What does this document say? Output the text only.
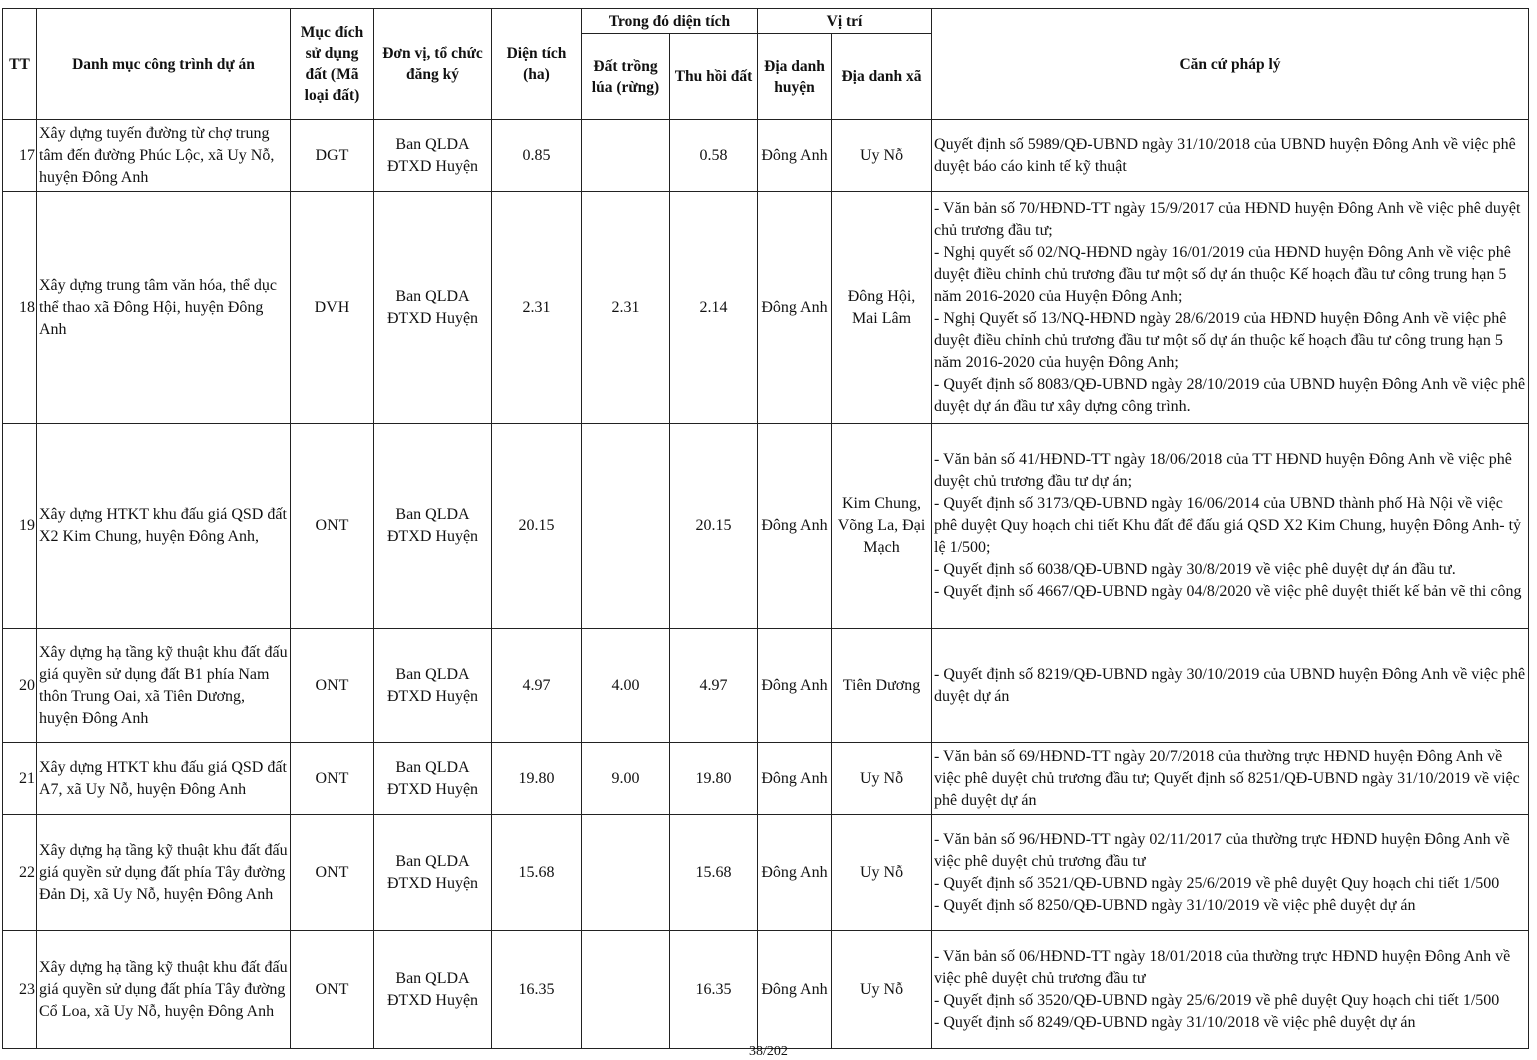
TT	Danh mục công trình dự án	Mục đích sử dụng đất (Mã loại đất)	Đơn vị, tổ chức đăng ký	Diện tích (ha)	Trong đó diện tích		Vị trí		Căn cứ pháp lý
					Đất trồng lúa (rừng)	Thu hồi đất	Địa danh huyện	Địa danh xã	
17	Xây dựng tuyến đường từ chợ trung tâm đến đường Phúc Lộc, xã Uy Nỗ, huyện Đông Anh	DGT	Ban QLDA ĐTXD Huyện	0.85		0.58	Đông Anh	Uy Nỗ	Quyết định số 5989/QĐ-UBND ngày 31/10/2018 của UBND huyện Đông Anh về việc phê duyệt báo cáo kinh tế kỹ thuật

18	Xây dựng trung tâm văn hóa, thể dục thể thao xã Đông Hội, huyện Đông Anh	DVH	Ban QLDA ĐTXD Huyện	2.31	2.31	2.14	Đông Anh	Đông Hội, Mai Lâm	- Văn bản số 70/HĐND-TT ngày 15/9/2017 của HĐND huyện Đông Anh về việc phê duyệt chủ trương đầu tư;
- Nghị quyết số 02/NQ-HĐND ngày 16/01/2019 của HĐND huyện Đông Anh về việc phê duyệt điều chỉnh chủ trương đầu tư một số dự án thuộc Kế hoạch đầu tư công trung hạn 5 năm 2016-2020 của Huyện Đông Anh;
- Nghị Quyết số 13/NQ-HĐND ngày 28/6/2019 của HĐND huyện Đông Anh về việc phê duyệt điều chỉnh chủ trương đầu tư một số dự án thuộc kế hoạch đầu tư công trung hạn 5 năm 2016-2020 của huyện Đông Anh;
- Quyết định số 8083/QĐ-UBND ngày 28/10/2019 của UBND huyện Đông Anh về việc phê duyệt dự án đầu tư xây dựng công trình.

19	Xây dựng HTKT khu đấu giá QSD đất X2 Kim Chung, huyện Đông Anh,	ONT	Ban QLDA ĐTXD Huyện	20.15		20.15	Đông Anh	Kim Chung, Võng La, Đại Mạch	- Văn bản số 41/HĐND-TT ngày 18/06/2018 của TT HĐND huyện Đông Anh về việc phê duyệt chủ trương đầu tư dự án;
- Quyết định số 3173/QĐ-UBND ngày 16/06/2014 của UBND thành phố Hà Nội về việc phê duyệt Quy hoạch chi tiết Khu đất để đấu giá QSD X2 Kim Chung, huyện Đông Anh- tỷ lệ 1/500;
- Quyết định số 6038/QĐ-UBND ngày 30/8/2019 về việc phê duyệt dự án đầu tư.
- Quyết định số 4667/QĐ-UBND ngày 04/8/2020 về việc phê duyệt thiết kế bản vẽ thi công

20	Xây dựng hạ tầng kỹ thuật khu đất đấu giá quyền sử dụng đất B1 phía Nam thôn Trung Oai, xã Tiên Dương, huyện Đông Anh	ONT	Ban QLDA ĐTXD Huyện	4.97	4.00	4.97	Đông Anh	Tiên Dương	- Quyết định số 8219/QĐ-UBND ngày 30/10/2019 của UBND huyện Đông Anh về việc phê duyệt dự án

21	Xây dựng HTKT khu đấu giá QSD đất A7, xã Uy Nỗ, huyện Đông Anh	ONT	Ban QLDA ĐTXD Huyện	19.80	9.00	19.80	Đông Anh	Uy Nỗ	- Văn bản số 69/HĐND-TT ngày 20/7/2018 của thường trực HĐND huyện Đông Anh về việc phê duyệt chủ trương đầu tư; Quyết định số 8251/QĐ-UBND ngày 31/10/2019 về việc phê duyệt dự án

22	Xây dựng hạ tầng kỹ thuật khu đất đấu giá quyền sử dụng đất phía Tây đường Đản Dị, xã Uy Nỗ, huyện Đông Anh	ONT	Ban QLDA ĐTXD Huyện	15.68		15.68	Đông Anh	Uy Nỗ	- Văn bản số 96/HĐND-TT ngày 02/11/2017 của thường trực HĐND huyện Đông Anh về việc phê duyệt chủ trương đầu tư
- Quyết định số 3521/QĐ-UBND ngày 25/6/2019 về phê duyệt Quy hoạch chi tiết 1/500
- Quyết định số 8250/QĐ-UBND ngày 31/10/2019 về việc phê duyệt dự án

23	Xây dựng hạ tầng kỹ thuật khu đất đấu giá quyền sử dụng đất phía Tây đường Cổ Loa, xã Uy Nỗ, huyện Đông Anh	ONT	Ban QLDA ĐTXD Huyện	16.35		16.35	Đông Anh	Uy Nỗ	- Văn bản số 06/HĐND-TT ngày 18/01/2018 của thường trực HĐND huyện Đông Anh về việc phê duyệt chủ trương đầu tư
- Quyết định số 3520/QĐ-UBND ngày 25/6/2019 về phê duyệt Quy hoạch chi tiết 1/500
- Quyết định số 8249/QĐ-UBND ngày 31/10/2018 về việc phê duyệt dự án
38/202
